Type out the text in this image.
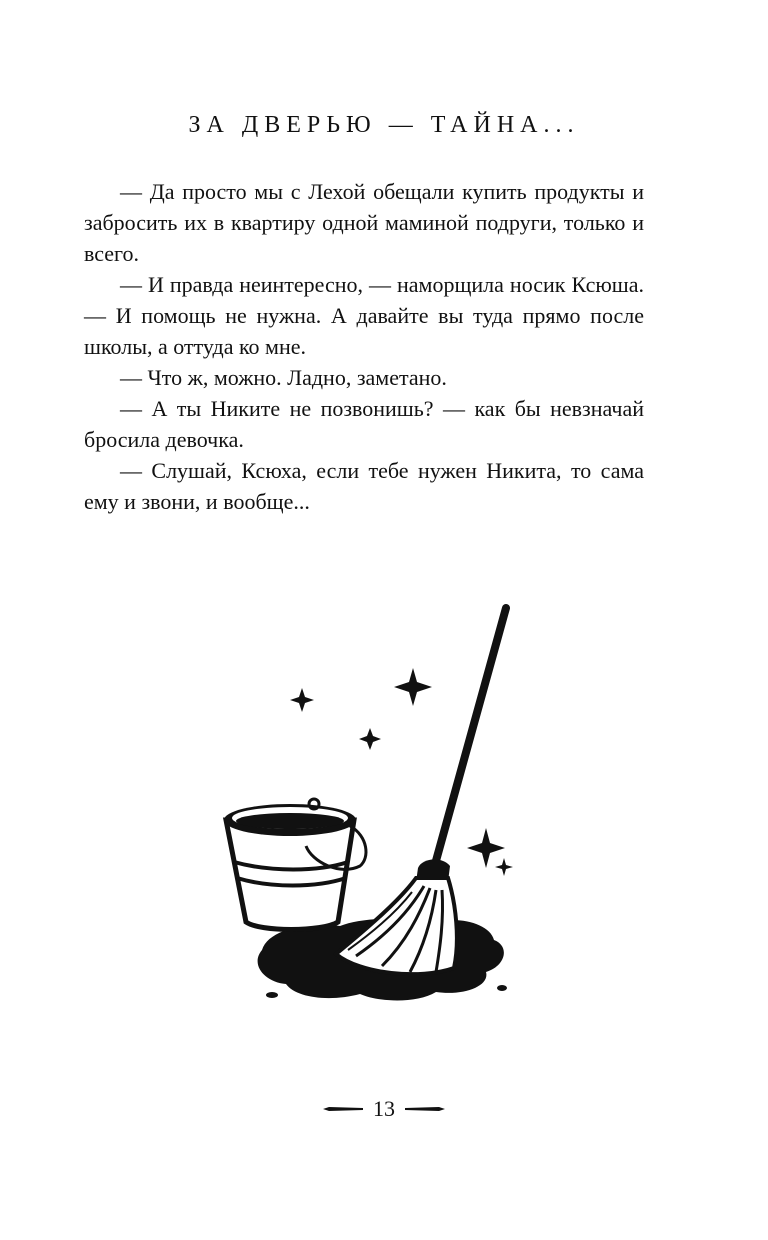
ЗА ДВЕРЬЮ — ТАЙНА...

— Да просто мы с Лехой обещали купить продукты и забросить их в квартиру одной маминой подруги, только и всего.

— И правда неинтересно, — наморщила носик Ксюша. — И помощь не нужна. А давайте вы туда прямо после школы, а оттуда ко мне.

— Что ж, можно. Ладно, заметано.

— А ты Никите не позвонишь? — как бы невзначай бросила девочка.

— Слушай, Ксюха, если тебе нужен Никита, то сама ему и звони, и вообще...

13
